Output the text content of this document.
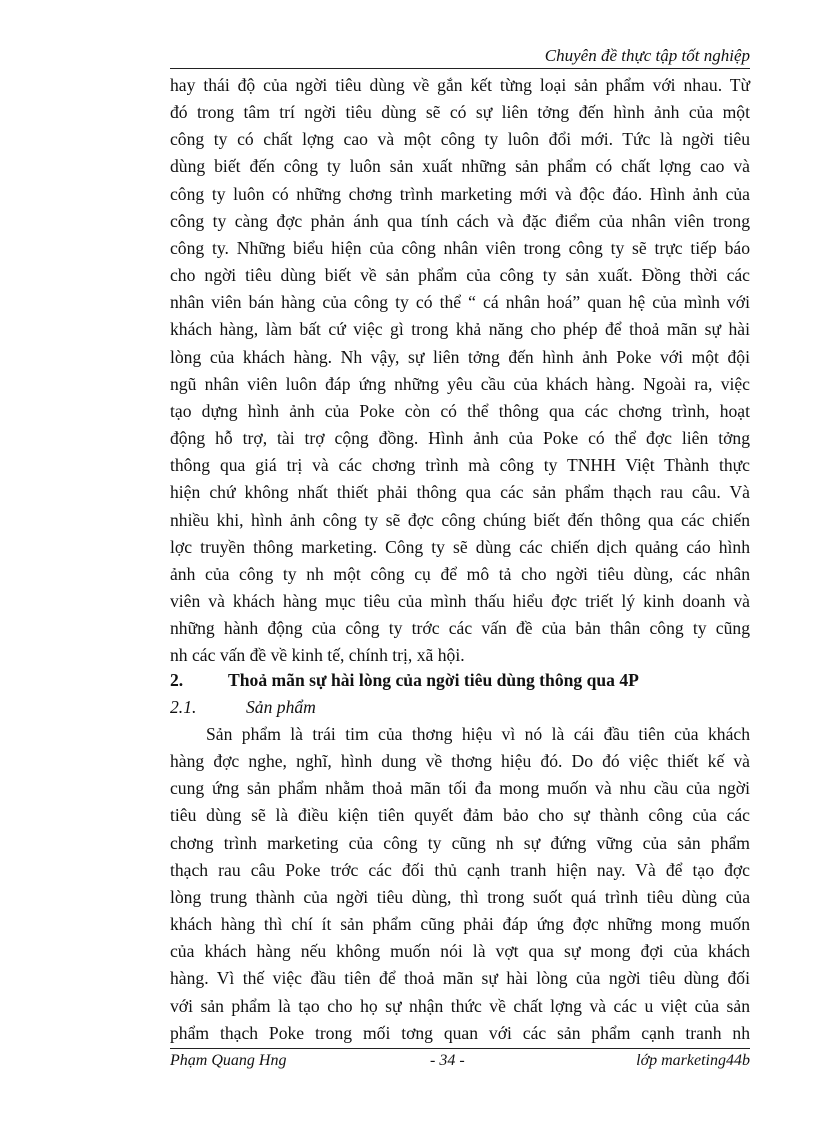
Chuyên đề thực tập tốt nghiệp
hay thái độ của ngời tiêu dùng về gắn kết từng loại sản phẩm với nhau. Từ
đó trong tâm trí ngời tiêu dùng sẽ có sự liên tởng đến hình ảnh của một
công ty có chất lợng cao và một công ty luôn đổi mới. Tức là ngời tiêu
dùng biết đến công ty luôn sản xuất những sản phẩm có chất lợng cao và
công ty luôn có những chơng trình marketing mới và độc đáo. Hình ảnh của
công ty càng đợc phản ánh qua tính cách và đặc điểm của nhân viên trong
công ty. Những biểu hiện của công nhân viên trong công ty sẽ trực tiếp báo
cho ngời tiêu dùng biết về sản phẩm của công ty sản xuất. Đồng thời các
nhân viên bán hàng của công ty có thể “ cá nhân hoá” quan hệ của mình với
khách hàng, làm bất cứ việc gì trong khả năng cho phép để thoả mãn sự hài
lòng của khách hàng. Nh vậy, sự liên tởng đến hình ảnh Poke với một đội
ngũ nhân viên luôn đáp ứng những yêu cầu của khách hàng. Ngoài ra, việc
tạo dựng hình ảnh của Poke còn có thể thông qua các chơng trình, hoạt
động hỗ trợ, tài trợ cộng đồng. Hình ảnh của Poke có thể đợc liên tởng
thông qua giá trị và các chơng trình mà công ty TNHH Việt Thành thực
hiện chứ không nhất thiết phải thông qua các sản phẩm thạch rau câu. Và
nhiều khi, hình ảnh công ty sẽ đợc công chúng biết đến thông qua các chiến
lợc truyền thông marketing. Công ty sẽ dùng các chiến dịch quảng cáo hình
ảnh của công ty nh một công cụ để mô tả cho ngời tiêu dùng, các nhân
viên và khách hàng mục tiêu của mình thấu hiểu đợc triết lý kinh doanh và
những hành động của công ty trớc các vấn đề của bản thân công ty cũng
nh các vấn đề về kinh tế, chính trị, xã hội.
2.	Thoả mãn sự hài lòng của ngời tiêu dùng thông qua 4P
2.1.	Sản phẩm
Sản phẩm là trái tim của thơng hiệu vì nó là cái đầu tiên của khách
hàng đợc nghe, nghĩ, hình dung về thơng hiệu đó. Do đó việc thiết kế và
cung ứng sản phẩm nhằm thoả mãn tối đa mong muốn và nhu cầu của ngời
tiêu dùng sẽ là điều kiện tiên quyết đảm bảo cho sự thành công của các
chơng trình marketing của công ty cũng nh sự đứng vững của sản phẩm
thạch rau câu Poke trớc các đối thủ cạnh tranh hiện nay. Và để tạo đợc
lòng trung thành của ngời tiêu dùng, thì trong suốt quá trình tiêu dùng của
khách hàng thì chí ít sản phẩm cũng phải đáp ứng đợc những mong muốn
của khách hàng nếu không muốn nói là vợt qua sự mong đợi của khách
hàng. Vì thế việc đầu tiên để thoả mãn sự hài lòng của ngời tiêu dùng đối
với sản phẩm là tạo cho họ sự nhận thức về chất lợng và các u việt của sản
phẩm thạch Poke trong mối tơng quan với các sản phẩm cạnh tranh nh
Phạm Quang Hng	- 34 -	lớp marketing44b
